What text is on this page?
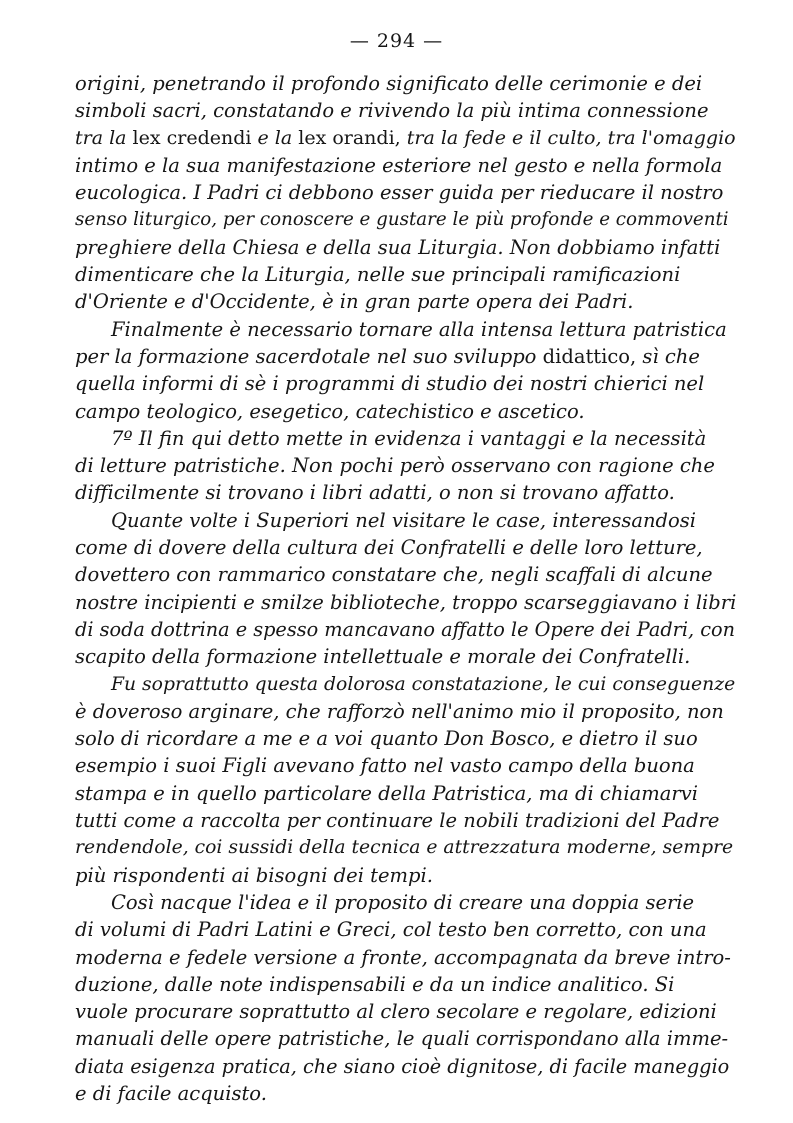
— 294 —
origini, penetrando il profondo significato delle cerimonie e dei
simboli sacri, constatando e rivivendo la più intima connessione
tra la lex credendi e la lex orandi, tra la fede e il culto, tra l'omaggio
intimo e la sua manifestazione esteriore nel gesto e nella formola
eucologica. I Padri ci debbono esser guida per rieducare il nostro
senso liturgico, per conoscere e gustare le più profonde e commoventi
preghiere della Chiesa e della sua Liturgia. Non dobbiamo infatti
dimenticare che la Liturgia, nelle sue principali ramificazioni
d'Oriente e d'Occidente, è in gran parte opera dei Padri.
Finalmente è necessario tornare alla intensa lettura patristica
per la formazione sacerdotale nel suo sviluppo didattico, sì che
quella informi di sè i programmi di studio dei nostri chierici nel
campo teologico, esegetico, catechistico e ascetico.
7º Il fin qui detto mette in evidenza i vantaggi e la necessità
di letture patristiche. Non pochi però osservano con ragione che
difficilmente si trovano i libri adatti, o non si trovano affatto.
Quante volte i Superiori nel visitare le case, interessandosi
come di dovere della cultura dei Confratelli e delle loro letture,
dovettero con rammarico constatare che, negli scaffali di alcune
nostre incipienti e smilze biblioteche, troppo scarseggiavano i libri
di soda dottrina e spesso mancavano affatto le Opere dei Padri, con
scapito della formazione intellettuale e morale dei Confratelli.
Fu soprattutto questa dolorosa constatazione, le cui conseguenze
è doveroso arginare, che rafforzò nell'animo mio il proposito, non
solo di ricordare a me e a voi quanto Don Bosco, e dietro il suo
esempio i suoi Figli avevano fatto nel vasto campo della buona
stampa e in quello particolare della Patristica, ma di chiamarvi
tutti come a raccolta per continuare le nobili tradizioni del Padre
rendendole, coi sussidi della tecnica e attrezzatura moderne, sempre
più rispondenti ai bisogni dei tempi.
Così nacque l'idea e il proposito di creare una doppia serie
di volumi di Padri Latini e Greci, col testo ben corretto, con una
moderna e fedele versione a fronte, accompagnata da breve intro-
duzione, dalle note indispensabili e da un indice analitico. Si
vuole procurare soprattutto al clero secolare e regolare, edizioni
manuali delle opere patristiche, le quali corrispondano alla imme-
diata esigenza pratica, che siano cioè dignitose, di facile maneggio
e di facile acquisto.
